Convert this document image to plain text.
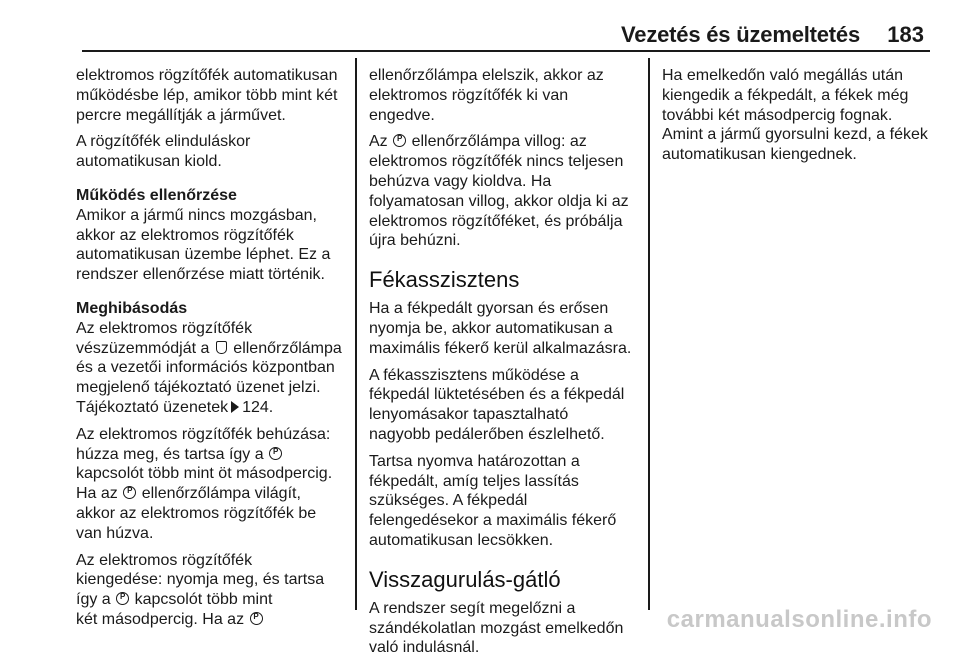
Vezetés és üzemeltetés 183

elektromos rögzítőfék automatikusan
működésbe lép, amikor több mint két
percre megállítják a járművet.

A rögzítőfék elinduláskor
automatikusan kiold.

Működés ellenőrzése

Amikor a jármű nincs mozgásban,
akkor az elektromos rögzítőfék
automatikusan üzembe léphet. Ez a
rendszer ellenőrzése miatt történik.

Meghibásodás

Az elektromos rögzítőfék
vészüzemmódját a ellenőrzőlámpa
és a vezetői információs központban
megjelenő tájékoztató üzenet jelzi.
Tájékoztató üzenetek 124.

Az elektromos rögzítőfék behúzása:
húzza meg, és tartsa így a P
kapcsolót több mint öt másodpercig.
Ha az P ellenőrzőlámpa világít,
akkor az elektromos rögzítőfék be
van húzva.

Az elektromos rögzítőfék
kiengedése: nyomja meg, és tartsa
így a P kapcsolót több mint
két másodpercig. Ha az P

ellenőrzőlámpa elelszik, akkor az
elektromos rögzítőfék ki van
engedve.

Az P ellenőrzőlámpa villog: az
elektromos rögzítőfék nincs teljesen
behúzva vagy kioldva. Ha
folyamatosan villog, akkor oldja ki az
elektromos rögzítőféket, és próbálja
újra behúzni.

Fékasszisztens

Ha a fékpedált gyorsan és erősen
nyomja be, akkor automatikusan a
maximális fékerő kerül alkalmazásra.

A fékasszisztens működése a
fékpedál lüktetésében és a fékpedál
lenyomásakor tapasztalható
nagyobb pedálerőben észlelhető.

Tartsa nyomva határozottan a
fékpedált, amíg teljes lassítás
szükséges. A fékpedál
felengedésekor a maximális fékerő
automatikusan lecsökken.

Visszagurulás-gátló

A rendszer segít megelőzni a
szándékolatlan mozgást emelkedőn
való indulásnál.

Ha emelkedőn való megállás után
kiengedik a fékpedált, a fékek még
további két másodpercig fognak.
Amint a jármű gyorsulni kezd, a fékek
automatikusan kiengednek.

carmanualsonline.info
